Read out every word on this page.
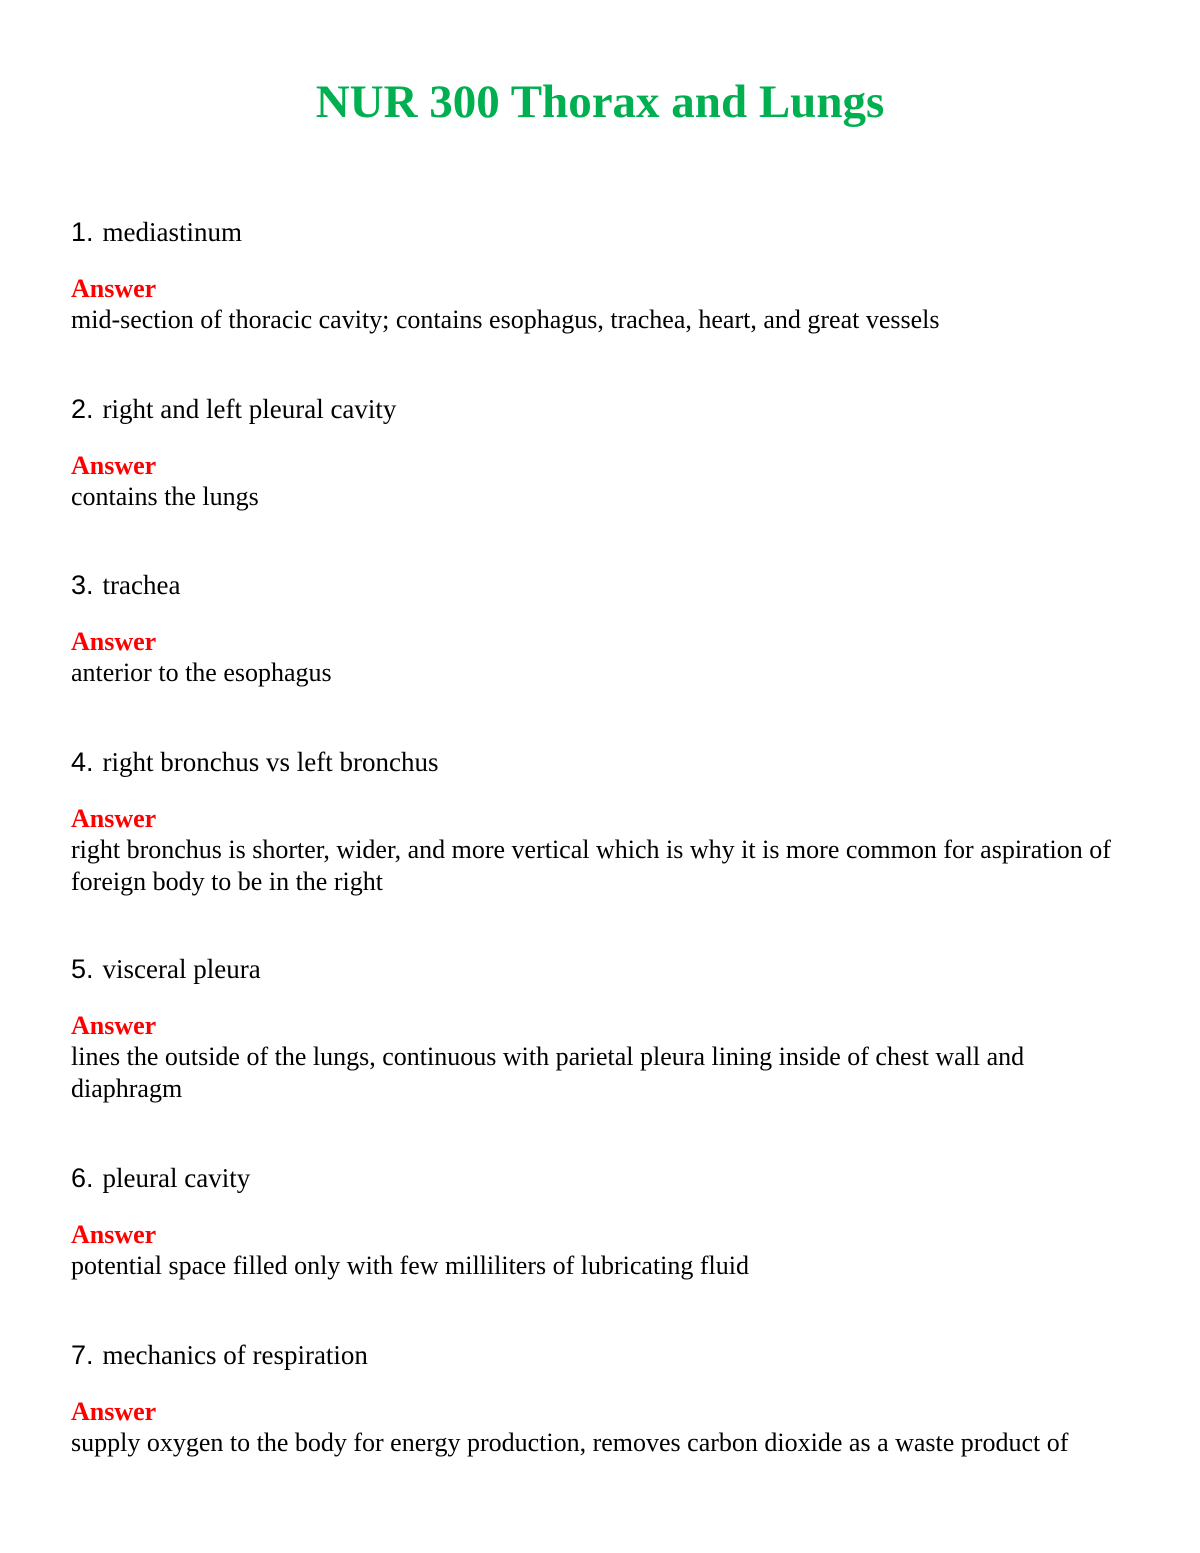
NUR 300 Thorax and Lungs
1. mediastinum
Answer

mid-section of thoracic cavity; contains esophagus, trachea, heart, and great vessels

2. right and left pleural cavity
Answer

contains the lungs

3. trachea
Answer

anterior to the esophagus

4. right bronchus vs left bronchus
Answer

right bronchus is shorter, wider, and more vertical which is why it is more common for aspiration of foreign body to be in the right

5. visceral pleura
Answer

lines the outside of the lungs, continuous with parietal pleura lining inside of chest wall and diaphragm

6. pleural cavity
Answer

potential space filled only with few milliliters of lubricating fluid

7. mechanics of respiration
Answer

supply oxygen to the body for energy production, removes carbon dioxide as a waste product of
